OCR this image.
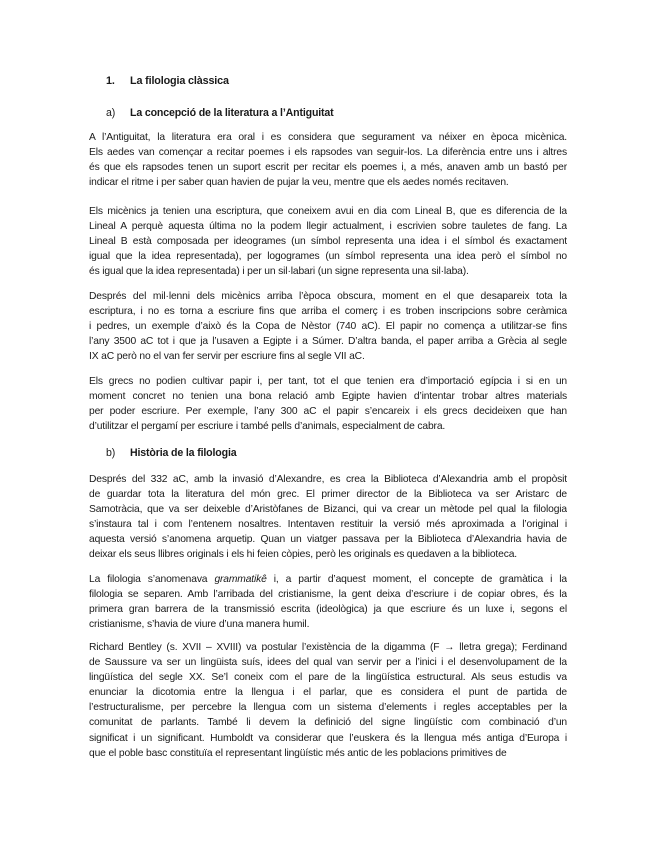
1. La filologia clàssica
a) La concepció de la literatura a l’Antiguitat
A l’Antiguitat, la literatura era oral i es considera que segurament va néixer en època micènica.
Els aedes van començar a recitar poemes i els rapsodes van seguir-los. La diferència entre uns i altres
és que els rapsodes tenen un suport escrit per recitar els poemes i, a més, anaven amb un bastó per
indicar el ritme i per saber quan havien de pujar la veu, mentre que els aedes només recitaven.
Els micènics ja tenien una escriptura, que coneixem avui en dia com Lineal B, que es diferencia de la
Lineal A perquè aquesta última no la podem llegir actualment, i escrivien sobre tauletes de fang. La
Lineal B està composada per ideogrames (un símbol representa una idea i el símbol és exactament
igual que la idea representada), per logogrames (un símbol representa una idea però el símbol no
és igual que la idea representada) i per un sil·labari (un signe representa una sil·laba).
Després del mil·lenni dels micènics arriba l’època obscura, moment en el que desapareix tota la
escriptura, i no es torna a escriure fins que arriba el comerç i es troben inscripcions sobre ceràmica
i pedres, un exemple d’això és la Copa de Nèstor (740 aC). El papir no comença a utilitzar-se fins
l’any 3500 aC tot i que ja l’usaven a Egipte i a Súmer. D’altra banda, el paper arriba a Grècia al segle
IX aC però no el van fer servir per escriure fins al segle VII aC.
Els grecs no podien cultivar papir i, per tant, tot el que tenien era d’importació egípcia i si en un
moment concret no tenien una bona relació amb Egipte havien d’intentar trobar altres materials
per poder escriure. Per exemple, l’any 300 aC el papir s’encareix i els grecs decideixen que han
d’utilitzar el pergamí per escriure i també pells d’animals, especialment de cabra.
b) Història de la filologia
Després del 332 aC, amb la invasió d’Alexandre, es crea la Biblioteca d’Alexandria amb el propòsit
de guardar tota la literatura del món grec. El primer director de la Biblioteca va ser Aristarc de
Samotràcia, que va ser deixeble d’Aristòfanes de Bizanci, qui va crear un mètode pel qual la filologia
s’instaura tal i com l’entenem nosaltres. Intentaven restituir la versió més aproximada a l’original i
aquesta versió s’anomena arquetip. Quan un viatger passava per la Biblioteca d’Alexandria havia de
deixar els seus llibres originals i els hi feien còpies, però les originals es quedaven a la biblioteca.
La filologia s’anomenava grammatikê i, a partir d’aquest moment, el concepte de gramàtica i la
filologia se separen. Amb l’arribada del cristianisme, la gent deixa d’escriure i de copiar obres, és la
primera gran barrera de la transmissió escrita (ideològica) ja que escriure és un luxe i, segons el
cristianisme, s’havia de viure d’una manera humil.
Richard Bentley (s. XVII – XVIII) va postular l’existència de la digamma (F → lletra grega); Ferdinand
de Saussure va ser un lingüista suís, idees del qual van servir per a l’inici i el desenvolupament de la
lingüística del segle XX. Se’l coneix com el pare de la lingüística estructural. Als seus estudis va
enunciar la dicotomia entre la llengua i el parlar, que es considera el punt de partida de
l’estructuralisme, per percebre la llengua com un sistema d’elements i regles acceptables per la
comunitat de parlants. També li devem la definició del signe lingüístic com combinació d’un
significat i un significant. Humboldt va considerar que l’euskera és la llengua més antiga d’Europa i
que el poble basc constituïa el representant lingüístic més antic de les poblacions primitives de
